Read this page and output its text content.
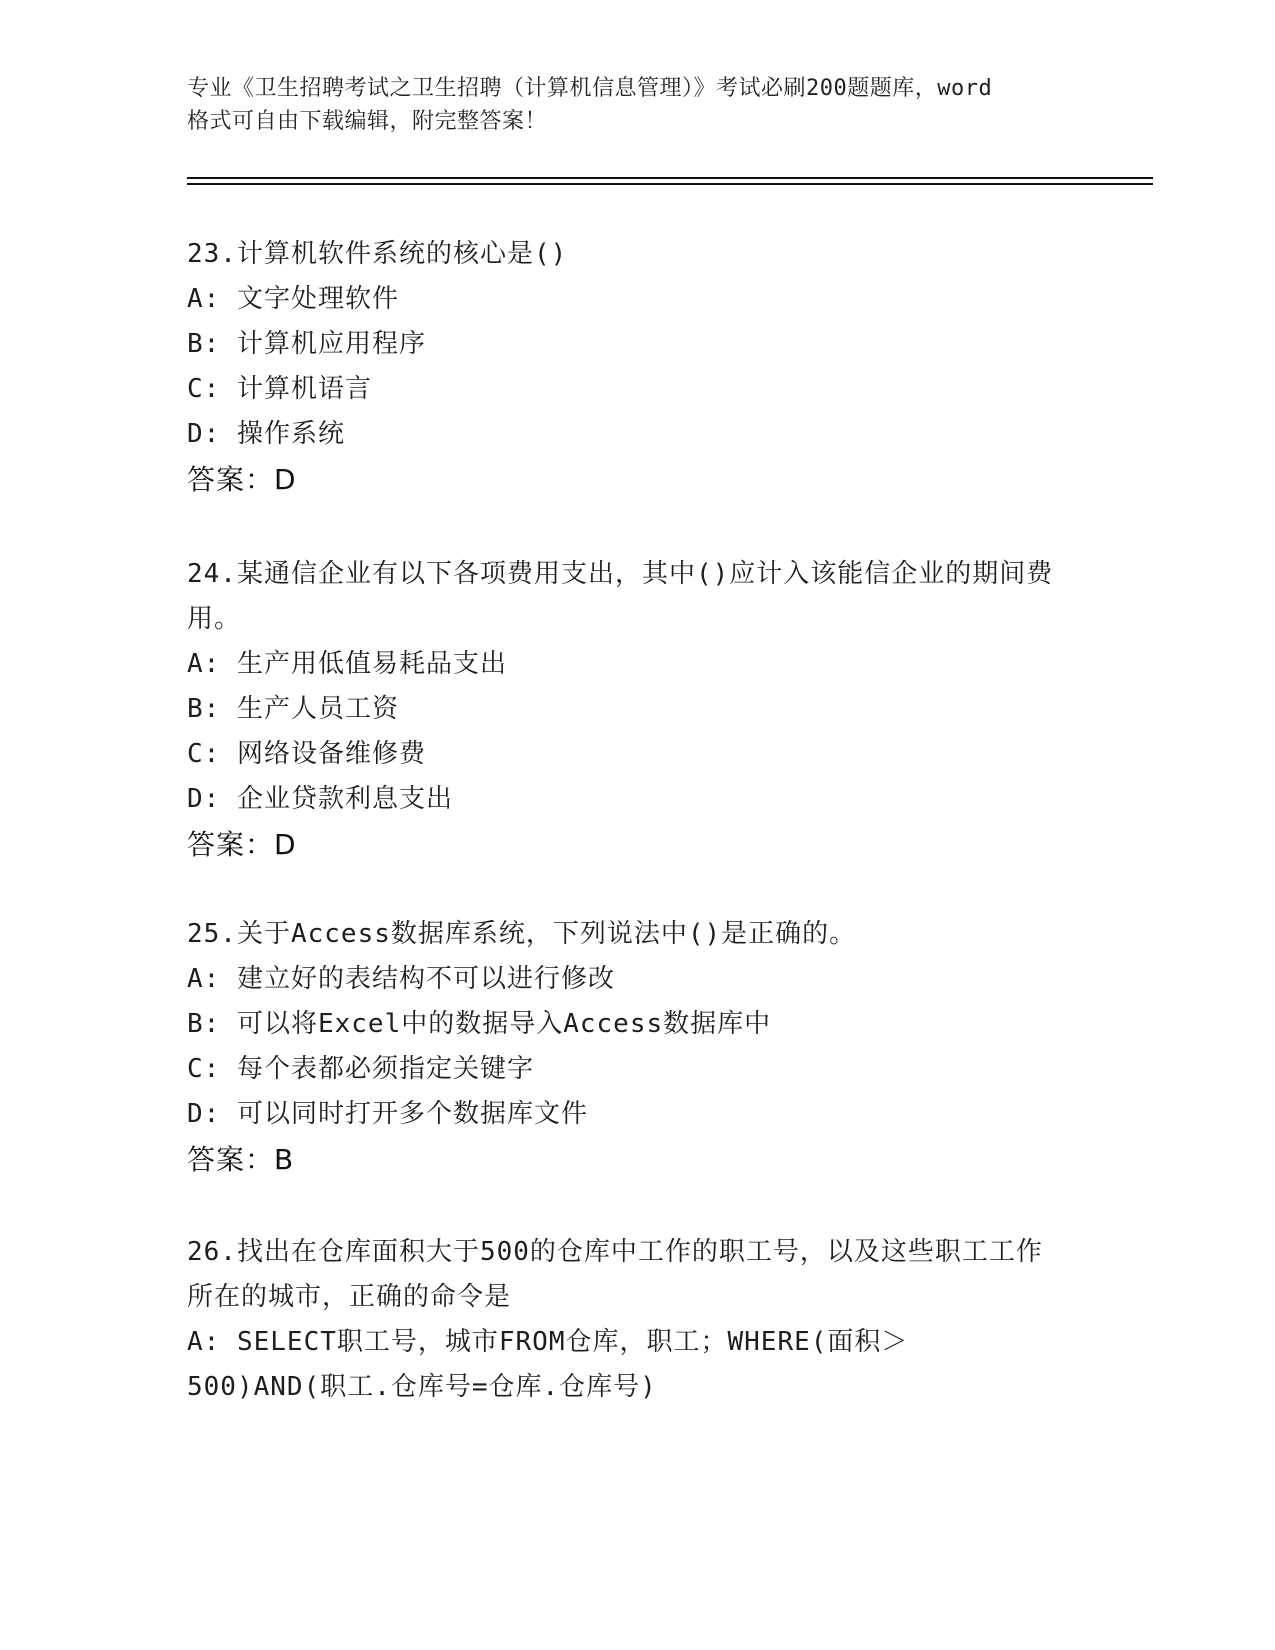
专业《卫生招聘考试之卫生招聘（计算机信息管理）》考试必刷200题题库，word
格式可自由下载编辑，附完整答案！
23.计算机软件系统的核心是()
A: 文字处理软件
B: 计算机应用程序
C: 计算机语言
D: 操作系统
答案：D
24.某通信企业有以下各项费用支出，其中()应计入该能信企业的期间费用。
A: 生产用低值易耗品支出
B: 生产人员工资
C: 网络设备维修费
D: 企业贷款利息支出
答案：D
25.关于Access数据库系统，下列说法中()是正确的。
A: 建立好的表结构不可以进行修改
B: 可以将Excel中的数据导入Access数据库中
C: 每个表都必须指定关键字
D: 可以同时打开多个数据库文件
答案：B
26.找出在仓库面积大于500的仓库中工作的职工号，以及这些职工工作所在的城市，正确的命令是
A: SELECT职工号，城市FROM仓库，职工；WHERE(面积＞500)AND(职工.仓库号=仓库.仓库号)
